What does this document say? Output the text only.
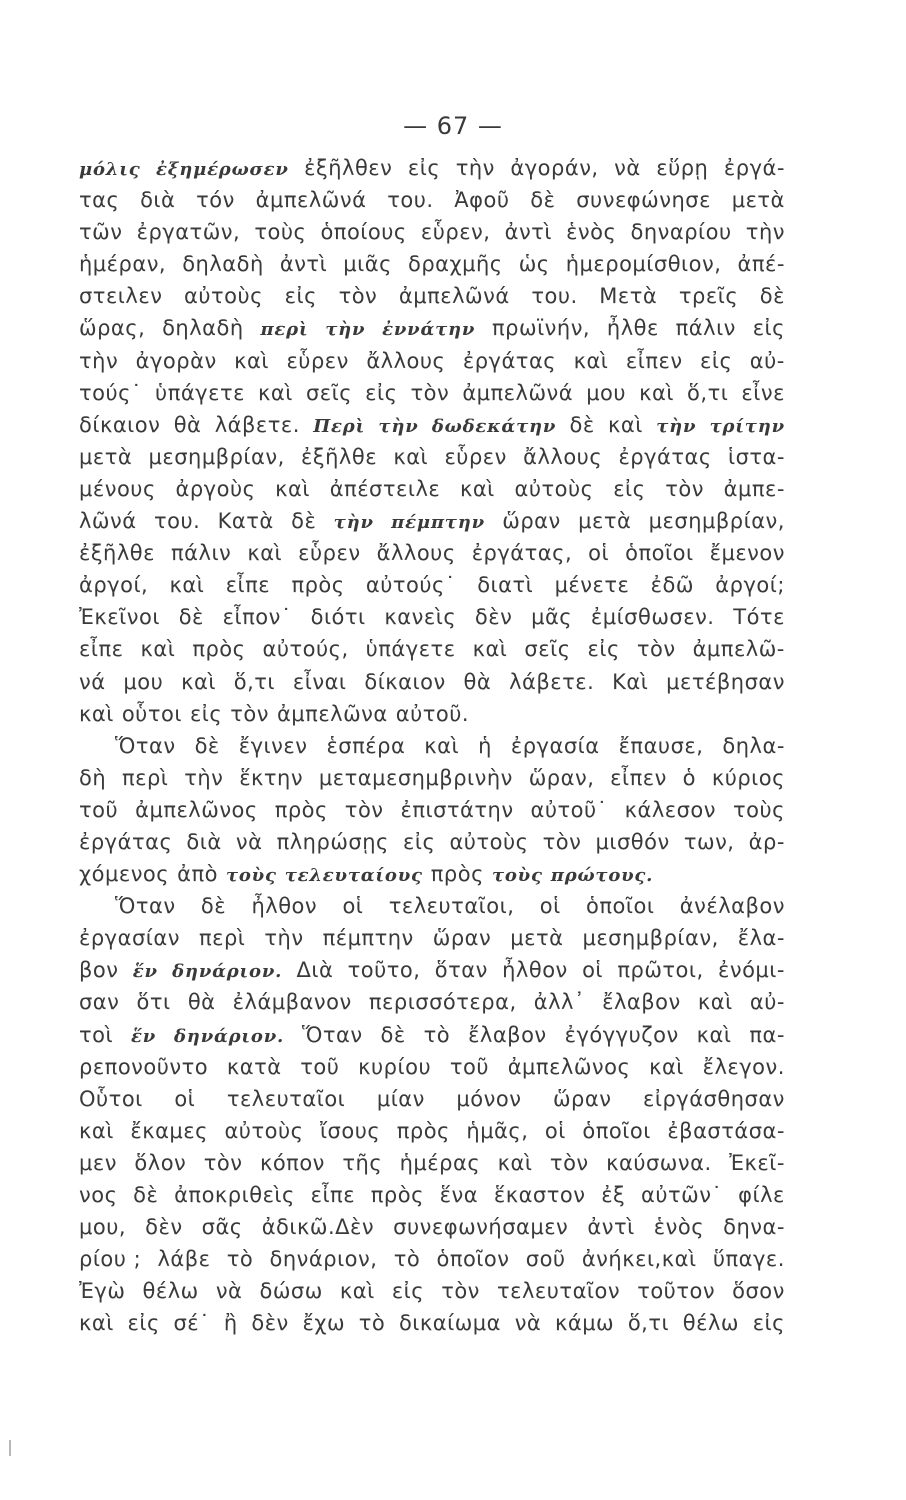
— 67 —
μόλις ἐξημέρωσεν ἐξῆλθεν εἰς τὴν ἀγοράν, νὰ εὕρῃ ἐργά-
τας διὰ τόν ἀμπελῶνά του. Ἀφοῦ δὲ συνεφώνησε μετὰ
τῶν ἐργατῶν, τοὺς ὁποίους εὗρεν, ἀντὶ ἑνὸς δηναρίου τὴν
ἡμέραν, δηλαδὴ ἀντὶ μιᾶς δραχμῆς ὡς ἡμερομίσθιον, ἀπέ-
στειλεν αὐτοὺς εἰς τὸν ἀμπελῶνά του. Μετὰ τρεῖς δὲ
ὥρας, δηλαδὴ περὶ τὴν ἐννάτην πρωϊνήν, ἦλθε πάλιν εἰς
τὴν ἀγορὰν καὶ εὗρεν ἄλλους ἐργάτας καὶ εἶπεν εἰς αὐ-
τούς˙ ὑπάγετε καὶ σεῖς εἰς τὸν ἀμπελῶνά μου καὶ ὅ,τι εἶνε
δίκαιον θὰ λάβετε. Περὶ τὴν δωδεκάτην δὲ καὶ τὴν τρίτην
μετὰ μεσημβρίαν, ἐξῆλθε καὶ εὗρεν ἄλλους ἐργάτας ἱστα-
μένους ἀργοὺς καὶ ἀπέστειλε καὶ αὐτοὺς εἰς τὸν ἀμπε-
λῶνά του. Κατὰ δὲ τὴν πέμπτην ὥραν μετὰ μεσημβρίαν,
ἐξῆλθε πάλιν καὶ εὗρεν ἄλλους ἐργάτας, οἱ ὁποῖοι ἔμενον
ἀργοί, καὶ εἶπε πρὸς αὐτούς˙ διατὶ μένετε ἐδῶ ἀργοί;
Ἐκεῖνοι δὲ εἶπον˙ διότι κανεὶς δὲν μᾶς ἐμίσθωσεν. Τότε
εἶπε καὶ πρὸς αὐτούς, ὑπάγετε καὶ σεῖς εἰς τὸν ἀμπελῶ-
νά μου καὶ ὅ,τι εἶναι δίκαιον θὰ λάβετε. Καὶ μετέβησαν
καὶ οὗτοι εἰς τὸν ἀμπελῶνα αὐτοῦ.
Ὅταν δὲ ἔγινεν ἑσπέρα καὶ ἡ ἐργασία ἔπαυσε, δηλα-
δὴ περὶ τὴν ἕκτην μεταμεσημβρινὴν ὥραν, εἶπεν ὁ κύριος
τοῦ ἀμπελῶνος πρὸς τὸν ἐπιστάτην αὐτοῦ˙ κάλεσον τοὺς
ἐργάτας διὰ νὰ πληρώσῃς εἰς αὐτοὺς τὸν μισθόν των, ἀρ-
χόμενος ἀπὸ τοὺς τελευταίους πρὸς τοὺς πρώτους.
Ὅταν δὲ ἦλθον οἱ τελευταῖοι, οἱ ὁποῖοι ἀνέλαβον
ἐργασίαν περὶ τὴν πέμπτην ὥραν μετὰ μεσημβρίαν, ἔλα-
βον ἕν δηνάριον. Διὰ τοῦτο, ὅταν ἦλθον οἱ πρῶτοι, ἐνόμι-
σαν ὅτι θὰ ἐλάμβανον περισσότερα, ἀλλ᾽ ἔλαβον καὶ αὐ-
τοὶ ἕν δηνάριον. Ὅταν δὲ τὸ ἔλαβον ἐγόγγυζον καὶ πα-
ρεπονοῦντο κατὰ τοῦ κυρίου τοῦ ἀμπελῶνος καὶ ἔλεγον.
Οὗτοι οἱ τελευταῖοι μίαν μόνον ὥραν εἰργάσθησαν
καὶ ἔκαμες αὐτοὺς ἴσους πρὸς ἡμᾶς, οἱ ὁποῖοι ἐβαστάσα-
μεν ὅλον τὸν κόπον τῆς ἡμέρας καὶ τὸν καύσωνα. Ἐκεῖ-
νος δὲ ἀποκριθεὶς εἶπε πρὸς ἕνα ἕκαστον ἐξ αὐτῶν˙ φίλε
μου, δὲν σᾶς ἀδικῶ.Δὲν συνεφωνήσαμεν ἀντὶ ἑνὸς δηνα-
ρίου ; λάβε τὸ δηνάριον, τὸ ὁποῖον σοῦ ἀνήκει,καὶ ὕπαγε.
Ἐγὼ θέλω νὰ δώσω καὶ εἰς τὸν τελευταῖον τοῦτον ὅσον
καὶ εἰς σέ˙ ἢ δὲν ἔχω τὸ δικαίωμα νὰ κάμω ὅ,τι θέλω εἰς
